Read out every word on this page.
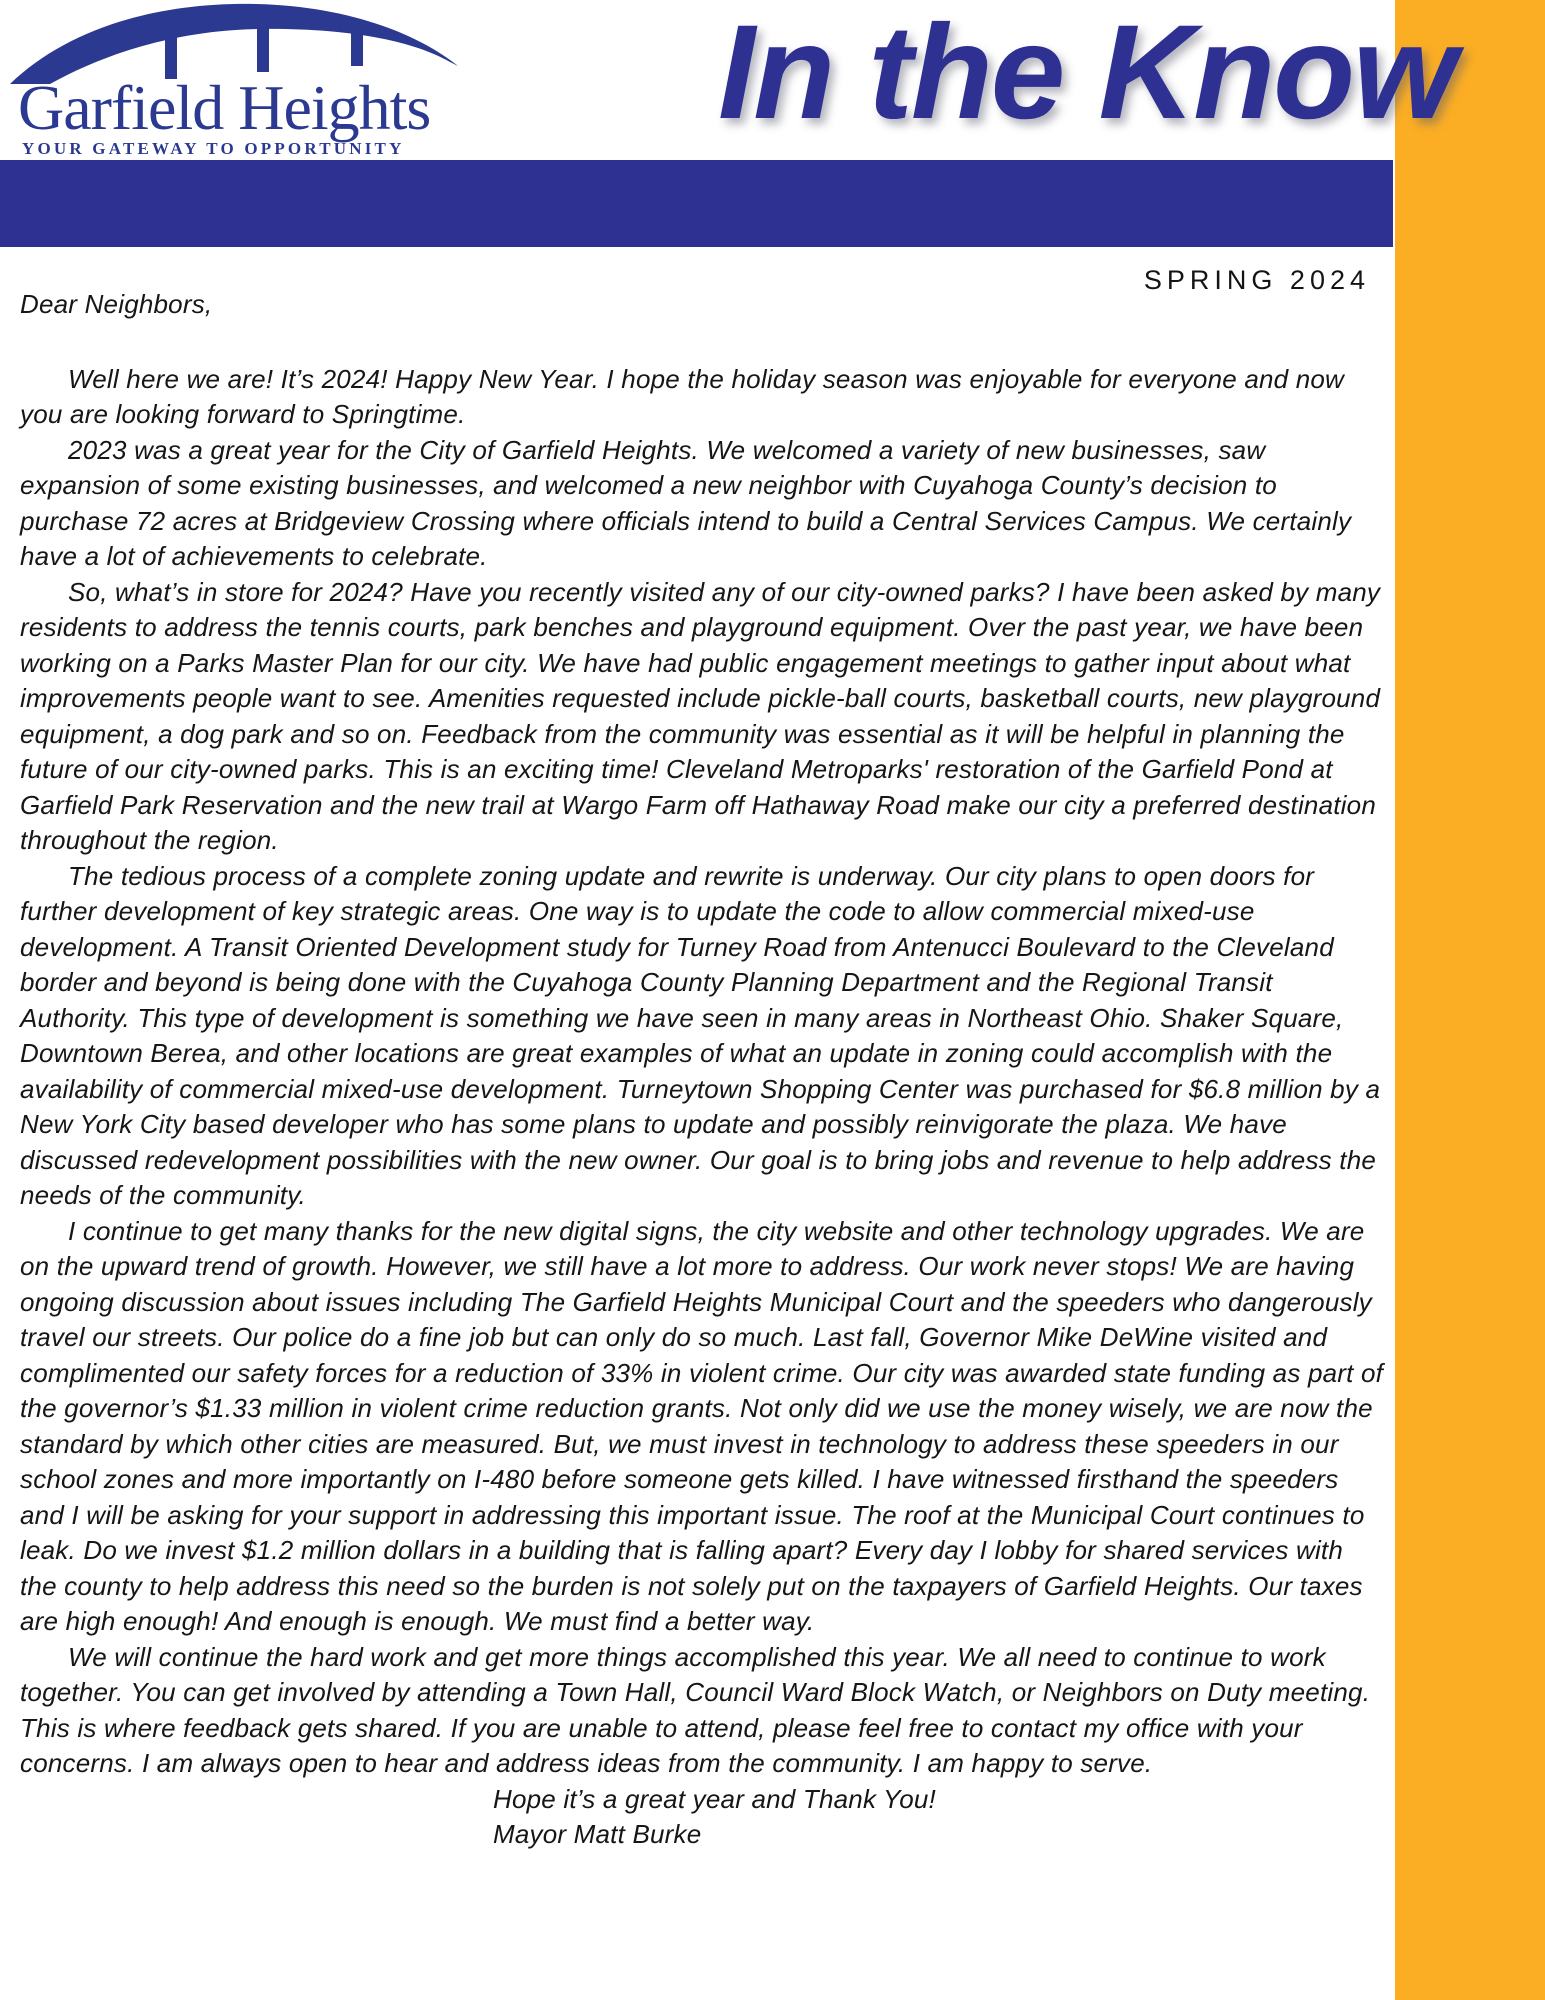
Garfield Heights
YOUR GATEWAY TO OPPORTUNITY
In the Know
SPRING 2024

Dear Neighbors,

Well here we are! It’s 2024! Happy New Year. I hope the holiday season was enjoyable for everyone and now you are looking forward to Springtime.

2023 was a great year for the City of Garfield Heights. We welcomed a variety of new businesses, saw expansion of some existing businesses, and welcomed a new neighbor with Cuyahoga County’s decision to purchase 72 acres at Bridgeview Crossing where officials intend to build a Central Services Campus. We certainly have a lot of achievements to celebrate.

So, what’s in store for 2024? Have you recently visited any of our city-owned parks? I have been asked by many residents to address the tennis courts, park benches and playground equipment. Over the past year, we have been working on a Parks Master Plan for our city. We have had public engagement meetings to gather input about what improvements people want to see. Amenities requested include pickle-ball courts, basketball courts, new playground equipment, a dog park and so on. Feedback from the community was essential as it will be helpful in planning the future of our city-owned parks. This is an exciting time! Cleveland Metroparks' restoration of the Garfield Pond at Garfield Park Reservation and the new trail at Wargo Farm off Hathaway Road make our city a preferred destination throughout the region.

The tedious process of a complete zoning update and rewrite is underway. Our city plans to open doors for further development of key strategic areas. One way is to update the code to allow commercial mixed-use development. A Transit Oriented Development study for Turney Road from Antenucci Boulevard to the Cleveland border and beyond is being done with the Cuyahoga County Planning Department and the Regional Transit Authority. This type of development is something we have seen in many areas in Northeast Ohio. Shaker Square, Downtown Berea, and other locations are great examples of what an update in zoning could accomplish with the availability of commercial mixed-use development. Turneytown Shopping Center was purchased for $6.8 million by a New York City based developer who has some plans to update and possibly reinvigorate the plaza. We have discussed redevelopment possibilities with the new owner. Our goal is to bring jobs and revenue to help address the needs of the community.

I continue to get many thanks for the new digital signs, the city website and other technology upgrades. We are on the upward trend of growth. However, we still have a lot more to address. Our work never stops! We are having ongoing discussion about issues including The Garfield Heights Municipal Court and the speeders who dangerously travel our streets. Our police do a fine job but can only do so much. Last fall, Governor Mike DeWine visited and complimented our safety forces for a reduction of 33% in violent crime. Our city was awarded state funding as part of the governor’s $1.33 million in violent crime reduction grants. Not only did we use the money wisely, we are now the standard by which other cities are measured. But, we must invest in technology to address these speeders in our school zones and more importantly on I-480 before someone gets killed. I have witnessed firsthand the speeders and I will be asking for your support in addressing this important issue. The roof at the Municipal Court continues to leak. Do we invest $1.2 million dollars in a building that is falling apart? Every day I lobby for shared services with the county to help address this need so the burden is not solely put on the taxpayers of Garfield Heights. Our taxes are high enough! And enough is enough. We must find a better way.

We will continue the hard work and get more things accomplished this year. We all need to continue to work together. You can get involved by attending a Town Hall, Council Ward Block Watch, or Neighbors on Duty meeting. This is where feedback gets shared. If you are unable to attend, please feel free to contact my office with your concerns. I am always open to hear and address ideas from the community. I am happy to serve.

Hope it’s a great year and Thank You!

Mayor Matt Burke
